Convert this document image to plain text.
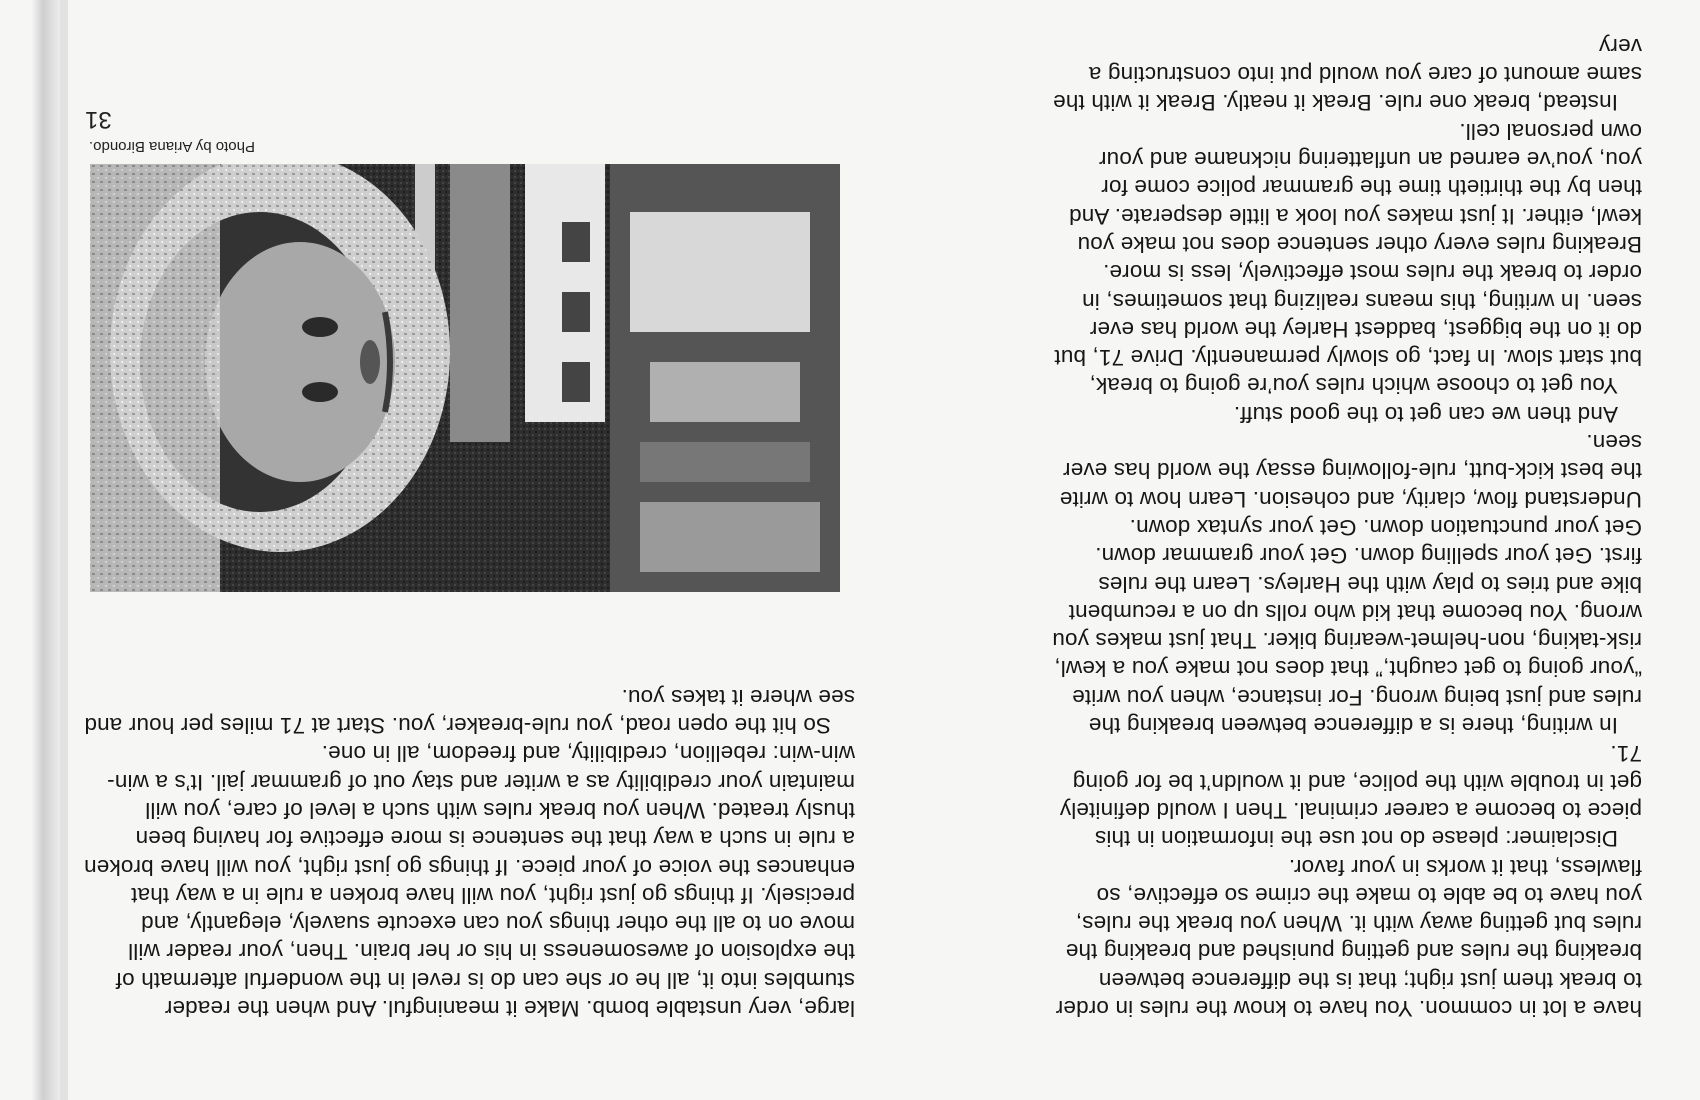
have a lot in common. You have to know the rules in order to break them just right; that is the difference between breaking the rules and getting punished and breaking the rules but getting away with it. When you break the rules, you have to be able to make the crime so effective, so flawless, that it works in your favor.

Disclaimer: please do not use the information in this piece to become a career criminal. Then I would definitely get in trouble with the police, and it wouldn’t be for going 71.

In writing, there is a difference between breaking the rules and just being wrong. For instance, when you write “your going to get caught,” that does not make you a kewl, risk-taking, non-helmet-wearing biker. That just makes you wrong. You become that kid who rolls up on a recumbent bike and tries to play with the Harleys. Learn the rules first. Get your spelling down. Get your grammar down. Get your punctuation down. Get your syntax down. Understand flow, clarity, and cohesion. Learn how to write the best kick-butt, rule-following essay the world has ever seen.

And then we can get to the good stuff.

You get to choose which rules you’re going to break, but start slow. In fact, go slowly permanently. Drive 71, but do it on the biggest, baddest Harley the world has ever seen. In writing, this means realizing that sometimes, in order to break the rules most effectively, less is more. Breaking rules every other sentence does not make you kewl, either. It just makes you look a little desperate. And then by the thirtieth time the grammar police come for you, you’ve earned an unflattering nickname and your own personal cell.

Instead, break one rule. Break it neatly. Break it with the same amount of care you would put into constructing a very

large, very unstable bomb. Make it meaningful. And when the reader stumbles into it, all he or she can do is revel in the wonderful aftermath of the explosion of awesomeness in his or her brain. Then, your reader will move on to all the other things you can execute suavely, elegantly, and precisely. If things go just right, you will have broken a rule in a way that enhances the voice of your piece. If things go just right, you will have broken a rule in such a way that the sentence is more effective for having been thusly treated. When you break rules with such a level of care, you will maintain your credibility as a writer and stay out of grammar jail. It’s a win-win-win: rebellion, credibility, and freedom, all in one.

So hit the open road, you rule-breaker, you. Start at 71 miles per hour and see where it takes you.

Photo by Ariana Birondo.
31
